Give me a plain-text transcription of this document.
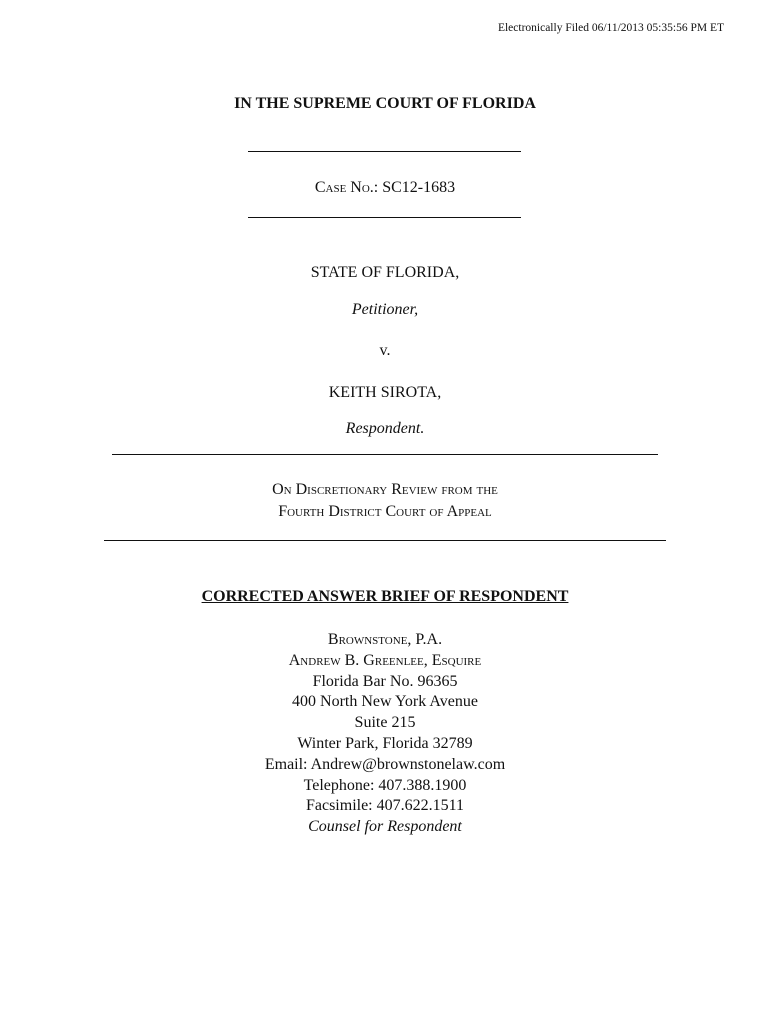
Electronically Filed 06/11/2013 05:35:56 PM ET
IN THE SUPREME COURT OF FLORIDA
Case No.: SC12-1683
STATE OF FLORIDA,
Petitioner,
v.
KEITH SIROTA,
Respondent.
On Discretionary Review from the
Fourth District Court of Appeal
CORRECTED ANSWER BRIEF OF RESPONDENT
Brownstone, P.A.
Andrew B. Greenlee, Esquire
Florida Bar No. 96365
400 North New York Avenue
Suite 215
Winter Park, Florida 32789
Email: Andrew@brownstonelaw.com
Telephone: 407.388.1900
Facsimile: 407.622.1511
Counsel for Respondent
